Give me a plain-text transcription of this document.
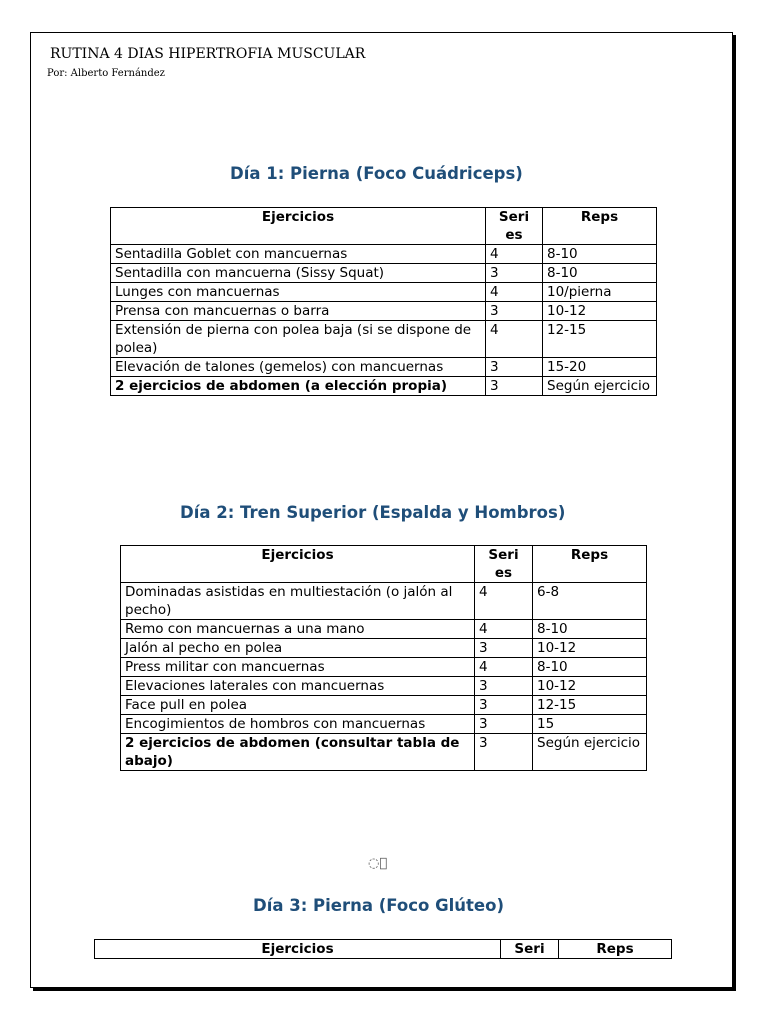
RUTINA 4 DIAS HIPERTROFIA MUSCULAR
Por: Alberto Fernández
Día 1: Pierna (Foco Cuádriceps)
Ejercicios	Seri es	Reps
Sentadilla Goblet con mancuernas	4	8-10
Sentadilla con mancuerna (Sissy Squat)	3	8-10
Lunges con mancuernas	4	10/pierna
Prensa con mancuernas o barra	3	10-12
Extensión de pierna con polea baja (si se dispone de polea)	4	12-15
Elevación de talones (gemelos) con mancuernas	3	15-20
2 ejercicios de abdomen (a elección propia)	3	Según ejercicio
Día 2: Tren Superior (Espalda y Hombros)
Ejercicios	Seri es	Reps
Dominadas asistidas en multiestación (o jalón al pecho)	4	6-8
Remo con mancuernas a una mano	4	8-10
Jalón al pecho en polea	3	10-12
Press militar con mancuernas	4	8-10
Elevaciones laterales con mancuernas	3	10-12
Face pull en polea	3	12-15
Encogimientos de hombros con mancuernas	3	15
2 ejercicios de abdomen (consultar tabla de abajo)	3	Según ejercicio
◌⃞
Día 3: Pierna (Foco Glúteo)
Ejercicios	Seri	Reps
